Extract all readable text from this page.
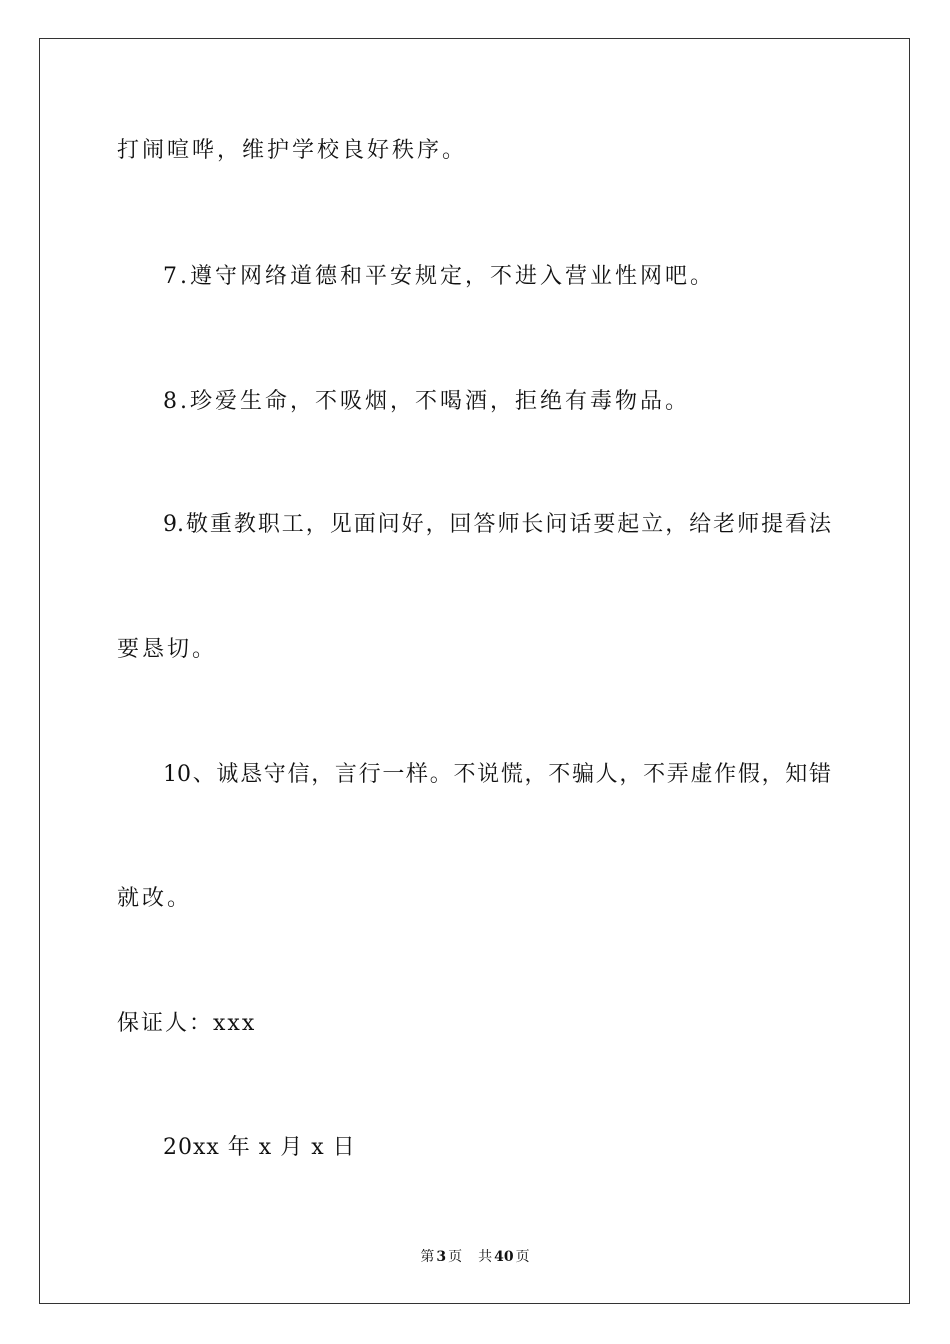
打闹喧哗，维护学校良好秩序。
7.遵守网络道德和平安规定，不进入营业性网吧。
8.珍爱生命，不吸烟，不喝酒，拒绝有毒物品。
9.敬重教职工，见面问好，回答师长问话要起立，给老师提看法
要恳切。
10、诚恳守信，言行一样。不说慌，不骗人，不弄虚作假，知错
就改。
保证人：xxx
20xx 年 x 月 x 日
第 3 页 共 40 页
